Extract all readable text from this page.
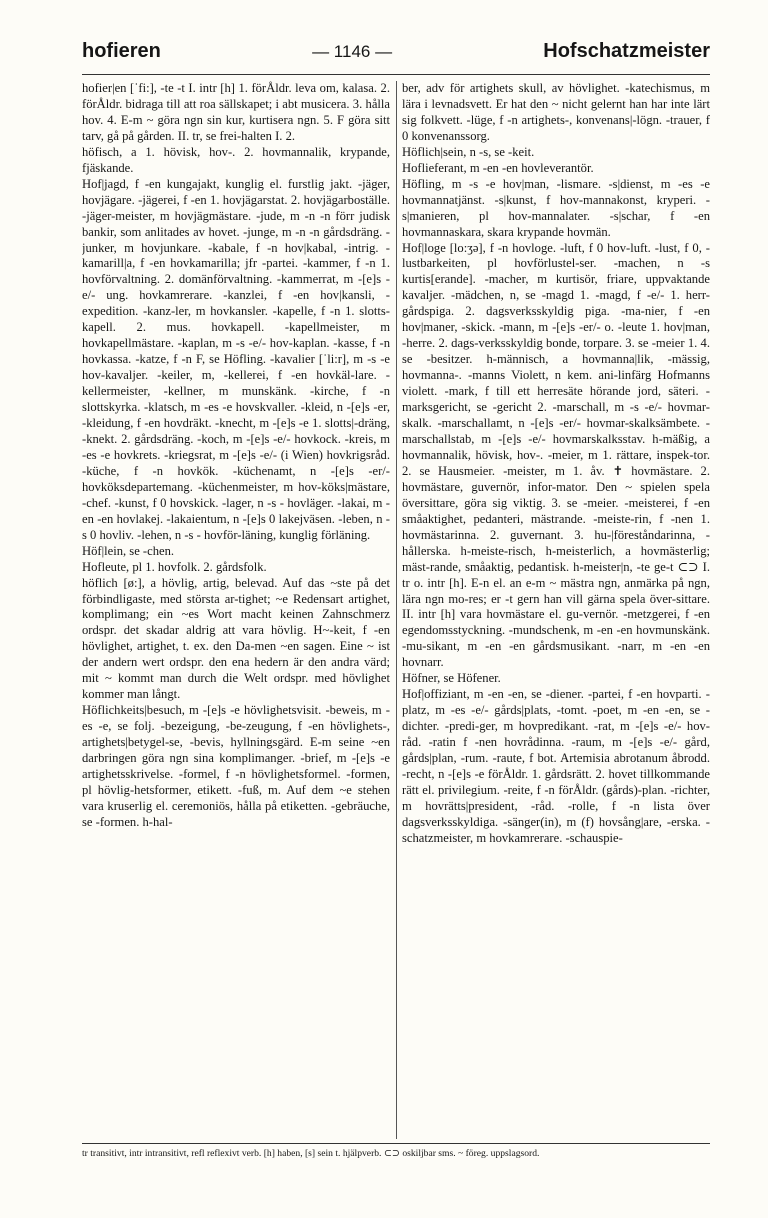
hofieren	— 1146 —	Hofschatzmeister

hofier|en [ˈfi:], -te -t I. intr [h] 1. förÅldr. leva om, kalasa. 2. förÅldr. bidraga till att roa sällskapet; i abt musicera. 3. hålla hov. 4. E-m ~ göra ngn sin kur, kurtisera ngn. 5. F göra sitt tarv, gå på gården. II. tr, se frei-halten I. 2.

höfisch, a 1. hövisk, hov-. 2. hovmannalik, krypande, fjäskande.

Hof|jagd, f -en kungajakt, kunglig el. furstlig jakt. -jäger, hovjägare. -jägerei, f -en 1. hovjägarstat. 2. hovjägarboställe. -jäger-meister, m hovjägmästare. -jude, m -n -n förr judisk bankir, som anlitades av hovet. -junge, m -n -n gårdsdräng. -junker, m hovjunkare. -kabale, f -n hov|kabal, -intrig. -kamarill|a, f -en hovkamarilla; jfr -partei. -kammer, f -n 1. hovförvaltning. 2. domänförvaltning. -kammerrat, m -[e]s -e/- ung. hovkamrerare. -kanzlei, f -en hov|kansli, -expedition. -kanz-ler, m hovkansler. -kapelle, f -n 1. slotts-kapell. 2. mus. hovkapell. -kapellmeister, m hovkapellmästare. -kaplan, m -s -e/- hov-kaplan. -kasse, f -n hovkassa. -katze, f -n F, se Höfling. -kavalier [ˈli:r], m -s -e hov-kavaljer. -keiler, m, -kellerei, f -en hovkäl-lare. -kellermeister, -kellner, m munskänk. -kirche, f -n slottskyrka. -klatsch, m -es -e hovskvaller. -kleid, n -[e]s -er, -kleidung, f -en hovdräkt. -knecht, m -[e]s -e 1. slotts|-dräng, -knekt. 2. gårdsdräng. -koch, m -[e]s -e/- hovkock. -kreis, m -es -e hovkrets. -kriegsrat, m -[e]s -e/- (i Wien) hovkrigsråd. -küche, f -n hovkök. -küchenamt, n -[e]s -er/- hovköksdepartemang. -küchenmeister, m hov-köks|mästare, -chef. -kunst, f 0 hovskick. -lager, n -s - hovläger. -lakai, m -en -en hovlakej. -lakaientum, n -[e]s 0 lakejväsen. -leben, n -s 0 hovliv. -lehen, n -s - hovför-läning, kunglig förläning.

Höf|lein, se -chen.

Hofleute, pl 1. hovfolk. 2. gårdsfolk.

höflich [ø:], a hövlig, artig, belevad. Auf das ~ste på det förbindligaste, med största ar-tighet; ~e Redensart artighet, komplimang; ein ~es Wort macht keinen Zahnschmerz ordspr. det skadar aldrig att vara hövlig. H~-keit, f -en hövlighet, artighet, t. ex. den Da-men ~en sagen. Eine ~ ist der andern wert ordspr. den ena hedern är den andra värd; mit ~ kommt man durch die Welt ordspr. med hövlighet kommer man långt.

Höflichkeits|besuch, m -[e]s -e hövlighetsvisit. -beweis, m -es -e, se folj. -bezeigung, -be-zeugung, f -en hövlighets-, artighets|betygel-se, -bevis, hyllningsgärd. E-m seine ~en darbringen göra ngn sina komplimanger. -brief, m -[e]s -e artighetsskrivelse. -formel, f -n hövlighetsformel. -formen, pl hövlig-hetsformer, etikett. -fuß, m. Auf dem ~e stehen vara kruserlig el. ceremoniös, hålla på etiketten. -gebräuche, se -formen. h-hal-

ber, adv för artighets skull, av hövlighet. -katechismus, m lära i levnadsvett. Er hat den ~ nicht gelernt han har inte lärt sig folkvett. -lüge, f -n artighets-, konvenans|-lögn. -trauer, f 0 konvenanssorg.

Höflich|sein, n -s, se -keit.

Hoflieferant, m -en -en hovleverantör.

Höfling, m -s -e hov|man, -lismare. -s|dienst, m -es -e hovmannatjänst. -s|kunst, f hov-mannakonst, kryperi. -s|manieren, pl hov-mannalater. -s|schar, f -en hovmannaskara, skara krypande hovmän.

Hof|loge [lo:ʒə], f -n hovloge. -luft, f 0 hov-luft. -lust, f 0, -lustbarkeiten, pl hovförlustel-ser. -machen, n -s kurtis[erande]. -macher, m kurtisör, friare, uppvaktande kavaljer. -mädchen, n, se -magd 1. -magd, f -e/- 1. herr-gårdspiga. 2. dagsverksskyldig piga. -ma-nier, f -en hov|maner, -skick. -mann, m -[e]s -er/- o. -leute 1. hov|man, -herre. 2. dags-verksskyldig bonde, torpare. 3. se -meier 1. 4. se -besitzer. h-männisch, a hovmanna|lik, -mässig, hovmanna-. -manns Violett, n kem. ani-linfärg Hofmanns violett. -mark, f till ett herresäte hörande jord, säteri. -marksgericht, se -gericht 2. -marschall, m -s -e/- hovmar-skalk. -marschallamt, n -[e]s -er/- hovmar-skalksämbete. -marschallstab, m -[e]s -e/- hovmarskalksstav. h-mäßig, a hovmannalik, hövisk, hov-. -meier, m 1. rättare, inspek-tor. 2. se Hausmeier. -meister, m 1. åv. ✝ hovmästare. 2. hovmästare, guvernör, infor-mator. Den ~ spielen spela översittare, göra sig viktig. 3. se -meier. -meisterei, f -en småaktighet, pedanteri, mästrande. -meiste-rin, f -nen 1. hovmästarinna. 2. guvernant. 3. hu-|föreståndarinna, -hållerska. h-meiste-risch, h-meisterlich, a hovmästerlig; mäst-rande, småaktig, pedantisk. h-meister|n, -te ge-t ⊂⊃ I. tr o. intr [h]. E-n el. an e-m ~ mästra ngn, anmärka på ngn, lära ngn mo-res; er -t gern han vill gärna spela över-sittare. II. intr [h] vara hovmästare el. gu-vernör. -metzgerei, f -en egendomsstyckning. -mundschenk, m -en -en hovmunskänk. -mu-sikant, m -en -en gårdsmusikant. -narr, m -en -en hovnarr.

Höfner, se Höfener.

Hof|offiziant, m -en -en, se -diener. -partei, f -en hovparti. -platz, m -es -e/- gårds|plats, -tomt. -poet, m -en -en, se -dichter. -predi-ger, m hovpredikant. -rat, m -[e]s -e/- hov-råd. -ratin f -nen hovrådinna. -raum, m -[e]s -e/- gård, gårds|plan, -rum. -raute, f bot. Artemisia abrotanum åbrodd. -recht, n -[e]s -e förÅldr. 1. gårdsrätt. 2. hovet tillkommande rätt el. privilegium. -reite, f -n förÅldr. (gårds)-plan. -richter, m hovrätts|president, -råd. -rolle, f -n lista över dagsverksskyldiga. -sänger(in), m (f) hovsång|are, -erska. -schatzmeister, m hovkamrerare. -schauspie-

tr transitivt, intr intransitivt, refl reflexivt verb. [h] haben, [s] sein t. hjälpverb. ⊂⊃ oskiljbar sms. ~ föreg. uppslagsord.
